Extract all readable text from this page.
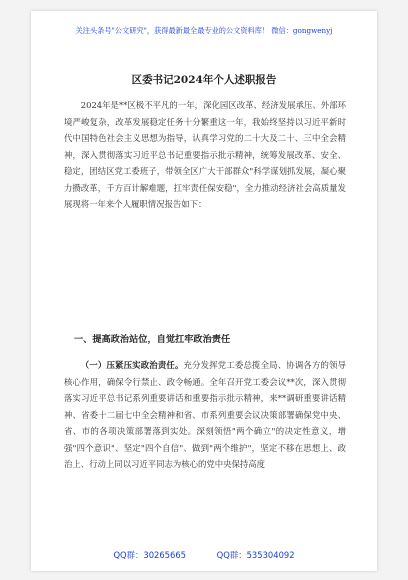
关注头条号"公文研究"，获得最新最全最专业的公文资料库！ 微信：gongwenyj
区委书记2024年个人述职报告

2024年是**区极不平凡的一年，深化园区改革、经济发展承压、外部环境严峻复杂，改革发展稳定任务十分繁重这一年，我始终坚持以习近平新时代中国特色社会主义思想为指导，认真学习党的二十大及二十、三中全会精神，深入贯彻落实习近平总书记重要指示批示精神，统筹发展改革、安全、稳定，团结区党工委班子，带领全区广大干部群众"科学谋划抓发展，凝心聚力攒改革，千方百计解难题，扛牢责任保安稳"，全力推动经济社会高质量发展现将一年来个人履职情况报告如下：

一、提高政治站位，自觉扛牢政治责任

（一）压紧压实政治责任。充分发挥党工委总揽全局、协调各方的领导核心作用，确保令行禁止、政令畅通。全年召开党工委会议**次，深入贯彻落实习近平总书记系列重要讲话和重要指示批示精神，来**调研重要讲话精神、省委十二届七中全会精神和省、市系列重要会议决策部署确保党中央、省、市的各项决策部署落到实处。深刻领悟"两个确立"的决定性意义，增强"四个意识"、坚定"四个自信"、做到"两个维护"，坚定不移在思想上、政治上、行动上同以习近平同志为核心的党中央保持高度

QQ群：30265665	QQ群：535304092
